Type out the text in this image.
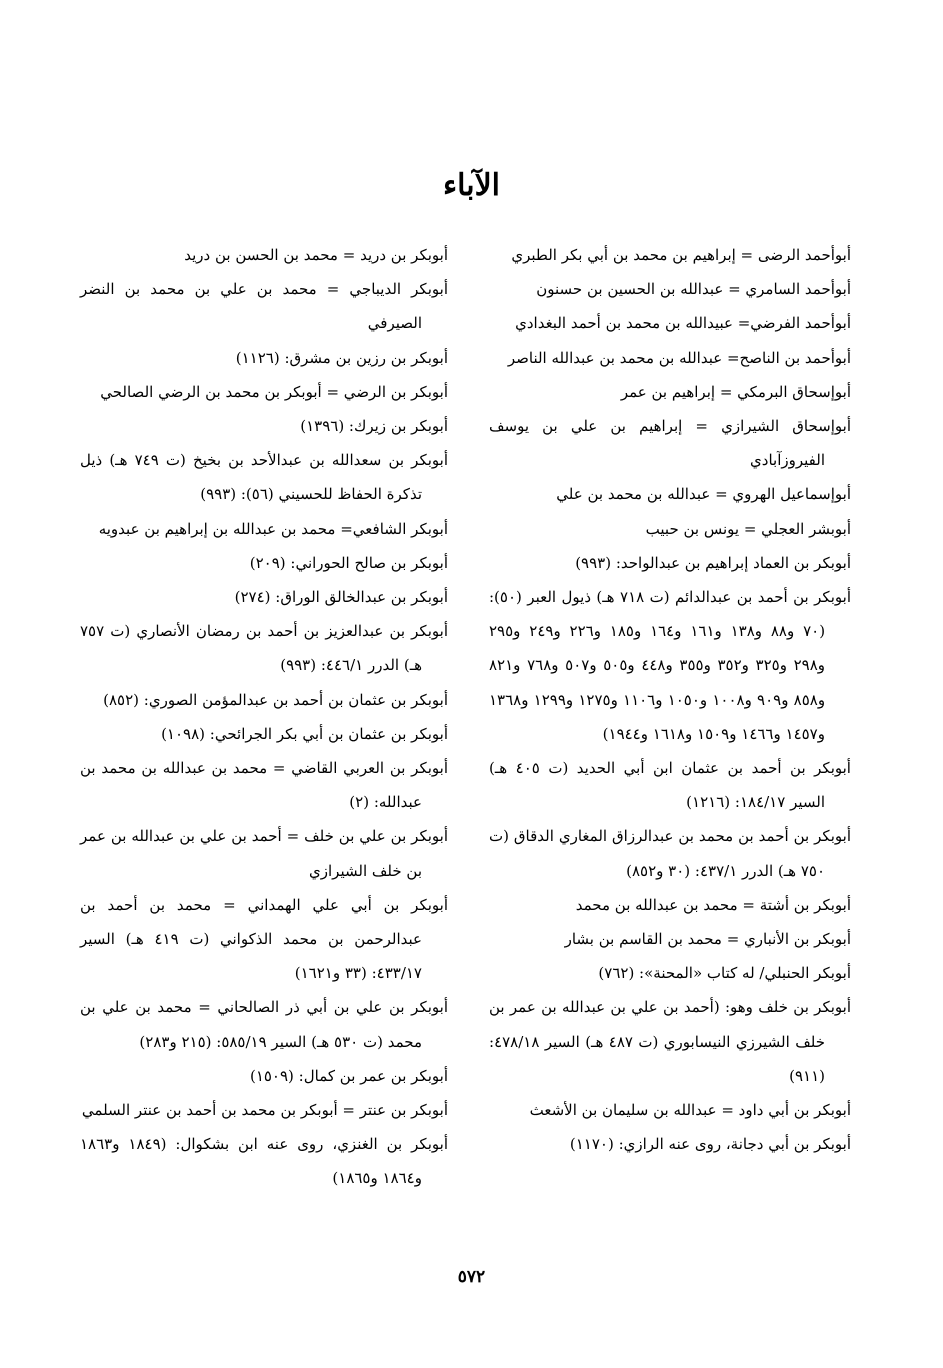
الآباء
أبوأحمد الرضى = إبراهيم بن محمد بن أبي بكر الطبري
أبوأحمد السامري = عبدالله بن الحسين بن حسنون
أبوأحمد الفرضي= عبيدالله بن محمد بن أحمد البغدادي
أبوأحمد بن الناصح= عبدالله بن محمد بن عبدالله الناصر
أبوإسحاق البرمكي = إبراهيم بن عمر
أبوإسحاق الشيرازي = إبراهيم بن علي بن يوسف الفيروزآبادي
أبوإسماعيل الهروي = عبدالله بن محمد بن علي
أبوبشر العجلي = يونس بن حبيب
أبوبكر بن العماد إبراهيم بن عبدالواحد: (٩٩٣)
أبوبكر بن أحمد بن عبدالدائم (ت ٧١٨ هـ) ذيول العبر (٥٠): (٧٠ و٨٨ و١٣٨ و١٦١ و١٦٤ و١٨٥ و٢٢٦ و٢٤٩ و٢٩٥ و٢٩٨ و٣٢٥ و٣٥٢ و٣٥٥ و٤٤٨ و٥٠٥ و٥٠٧ و٧٦٨ و٨٢١ و٨٥٨ و٩٠٩ و١٠٠٨ و١٠٥٠ و١١٠٦ و١٢٧٥ و١٢٩٩ و١٣٦٨ و١٤٥٧ و١٤٦٦ و١٥٠٩ و١٦١٨ و١٩٤٤)
أبوبكر بن أحمد بن عثمان ابن أبي الحديد (ت ٤٠٥ هـ) السير ١٨٤/١٧: (١٢١٦)
أبوبكر بن أحمد بن محمد بن عبدالرزاق المغاري الدقاق (ت ٧٥٠ هـ) الدرر ٤٣٧/١: (٣٠ و٨٥٢)
أبوبكر بن أشتة = محمد بن عبدالله بن محمد
أبوبكر بن الأنباري = محمد بن القاسم بن بشار
أبوبكر الحنبلي/ له كتاب «المحنة»: (٧٦٢)
أبوبكر بن خلف وهو: (أحمد بن علي بن عبدالله بن عمر بن خلف الشيرزي النيسابوري (ت ٤٨٧ هـ) السير ٤٧٨/١٨: (٩١١)
أبوبكر بن أبي داود = عبدالله بن سليمان بن الأشعث
أبوبكر بن أبي دجانة، روى عنه الرازي: (١١٧٠)
أبوبكر بن دريد = محمد بن الحسن بن دريد
أبوبكر الديباجي = محمد بن علي بن محمد بن النضر الصيرفي
أبوبكر بن رزين بن مشرق: (١١٢٦)
أبوبكر بن الرضي = أبوبكر بن محمد بن الرضي الصالحي
أبوبكر بن زيرك: (١٣٩٦)
أبوبكر بن سعدالله بن عبدالأحد بن بخيخ (ت ٧٤٩ هـ) ذيل تذكرة الحفاظ للحسيني (٥٦): (٩٩٣)
أبوبكر الشافعي= محمد بن عبدالله بن إبراهيم بن عبدويه
أبوبكر بن صالح الحوراني: (٢٠٩)
أبوبكر بن عبدالخالق الوراق: (٢٧٤)
أبوبكر بن عبدالعزيز بن أحمد بن رمضان الأنصاري (ت ٧٥٧ هـ) الدرر ٤٤٦/١: (٩٩٣)
أبوبكر بن عثمان بن أحمد بن عبدالمؤمن الصوري: (٨٥٢)
أبوبكر بن عثمان بن أبي بكر الجرائحي: (١٠٩٨)
أبوبكر بن العربي القاضي = محمد بن عبدالله بن محمد بن عبدالله: (٢)
أبوبكر بن علي بن خلف = أحمد بن علي بن عبدالله بن عمر بن خلف الشيرازي
أبوبكر بن أبي علي الهمداني = محمد بن أحمد بن عبدالرحمن بن محمد الذكواني (ت ٤١٩ هـ) السير ٤٣٣/١٧: (٣٣ و١٦٢١)
أبوبكر بن علي بن أبي ذر الصالحاني = محمد بن علي بن محمد (ت ٥٣٠ هـ) السير ٥٨٥/١٩: (٢١٥ و٢٨٣)
أبوبكر بن عمر بن كمال: (١٥٠٩)
أبوبكر بن عنتر = أبوبكر بن محمد بن أحمد بن عنتر السلمي
أبوبكر بن الغنزي، روى عنه ابن بشكوال: (١٨٤٩ و١٨٦٣ و١٨٦٤ و١٨٦٥)
٥٧٢
